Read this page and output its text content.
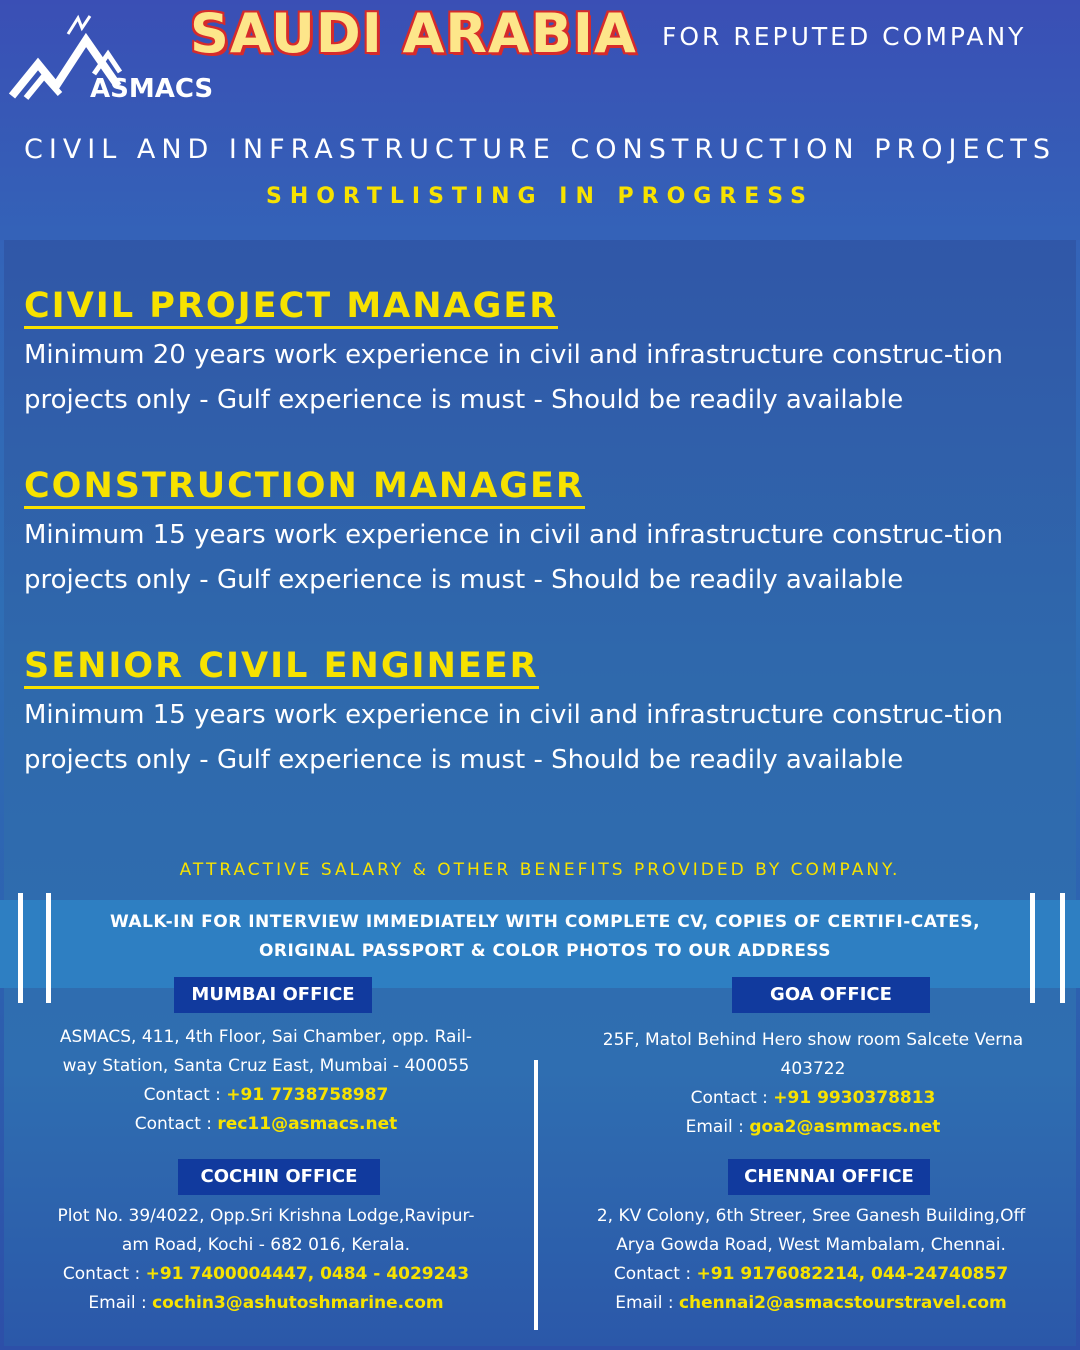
ASMACS
SAUDI ARABIA FOR REPUTED COMPANY
CIVIL AND INFRASTRUCTURE CONSTRUCTION PROJECTS
SHORTLISTING IN PROGRESS
CIVIL PROJECT MANAGER
Minimum 20 years work experience in civil and infrastructure construc-tion projects only - Gulf experience is must - Should be readily available
CONSTRUCTION MANAGER
Minimum 15 years work experience in civil and infrastructure construc-tion projects only - Gulf experience is must - Should be readily available
SENIOR CIVIL ENGINEER
Minimum 15 years work experience in civil and infrastructure construc-tion projects only - Gulf experience is must - Should be readily available
ATTRACTIVE SALARY & OTHER BENEFITS PROVIDED BY COMPANY.
WALK-IN FOR INTERVIEW IMMEDIATELY WITH COMPLETE CV, COPIES OF CERTIFI-CATES, ORIGINAL PASSPORT & COLOR PHOTOS TO OUR ADDRESS
MUMBAI OFFICE
ASMACS, 411, 4th Floor, Sai Chamber, opp. Rail-
way Station, Santa Cruz East, Mumbai - 400055
Contact : +91 7738758987
Contact : rec11@asmacs.net
GOA OFFICE
25F, Matol Behind Hero show room Salcete Verna
403722
Contact : +91 9930378813
Email : goa2@asmmacs.net
COCHIN OFFICE
Plot No. 39/4022, Opp.Sri Krishna Lodge,Ravipur-
am Road, Kochi - 682 016, Kerala.
Contact : +91 7400004447, 0484 - 4029243
Email : cochin3@ashutoshmarine.com
CHENNAI OFFICE
2, KV Colony, 6th Streer, Sree Ganesh Building,Off
Arya Gowda Road, West Mambalam, Chennai.
Contact : +91 9176082214, 044-24740857
Email : chennai2@asmacstourstravel.com
